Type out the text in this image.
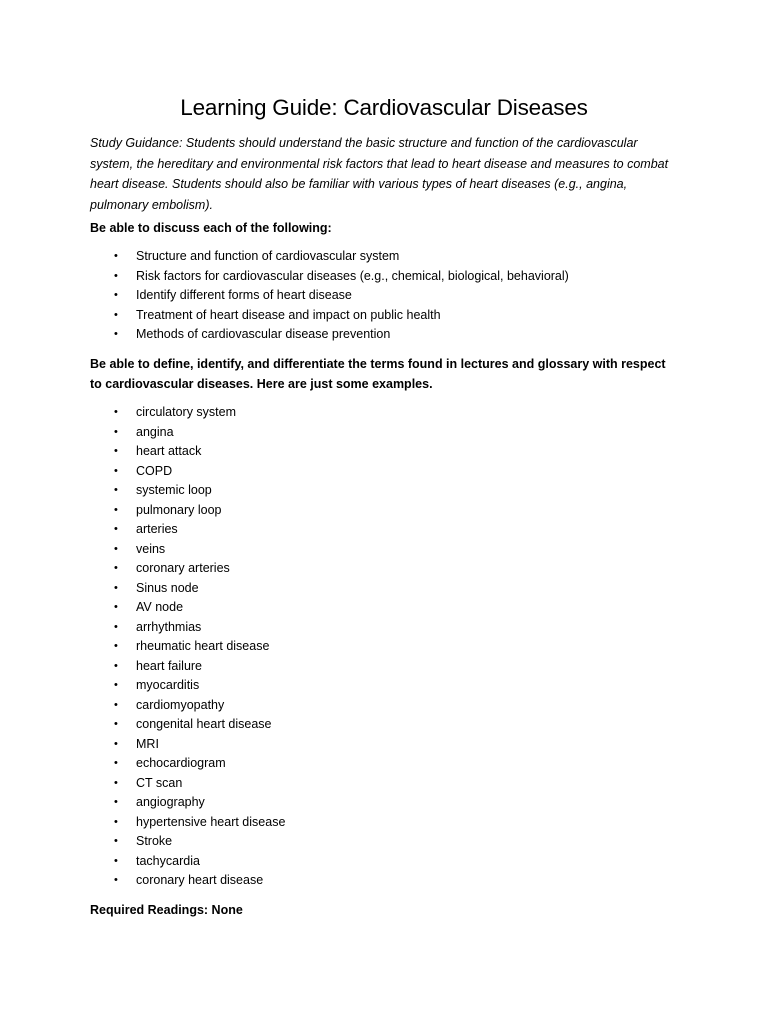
Learning Guide: Cardiovascular Diseases

Study Guidance: Students should understand the basic structure and function of the cardiovascular system, the hereditary and environmental risk factors that lead to heart disease and measures to combat heart disease. Students should also be familiar with various types of heart diseases (e.g., angina, pulmonary embolism).

Be able to discuss each of the following:

• Structure and function of cardiovascular system
• Risk factors for cardiovascular diseases (e.g., chemical, biological, behavioral)
• Identify different forms of heart disease
• Treatment of heart disease and impact on public health
• Methods of cardiovascular disease prevention

Be able to define, identify, and differentiate the terms found in lectures and glossary with respect to cardiovascular diseases. Here are just some examples.

• circulatory system
• angina
• heart attack
• COPD
• systemic loop
• pulmonary loop
• arteries
• veins
• coronary arteries
• Sinus node
• AV node
• arrhythmias
• rheumatic heart disease
• heart failure
• myocarditis
• cardiomyopathy
• congenital heart disease
• MRI
• echocardiogram
• CT scan
• angiography
• hypertensive heart disease
• Stroke
• tachycardia
• coronary heart disease

Required Readings: None
